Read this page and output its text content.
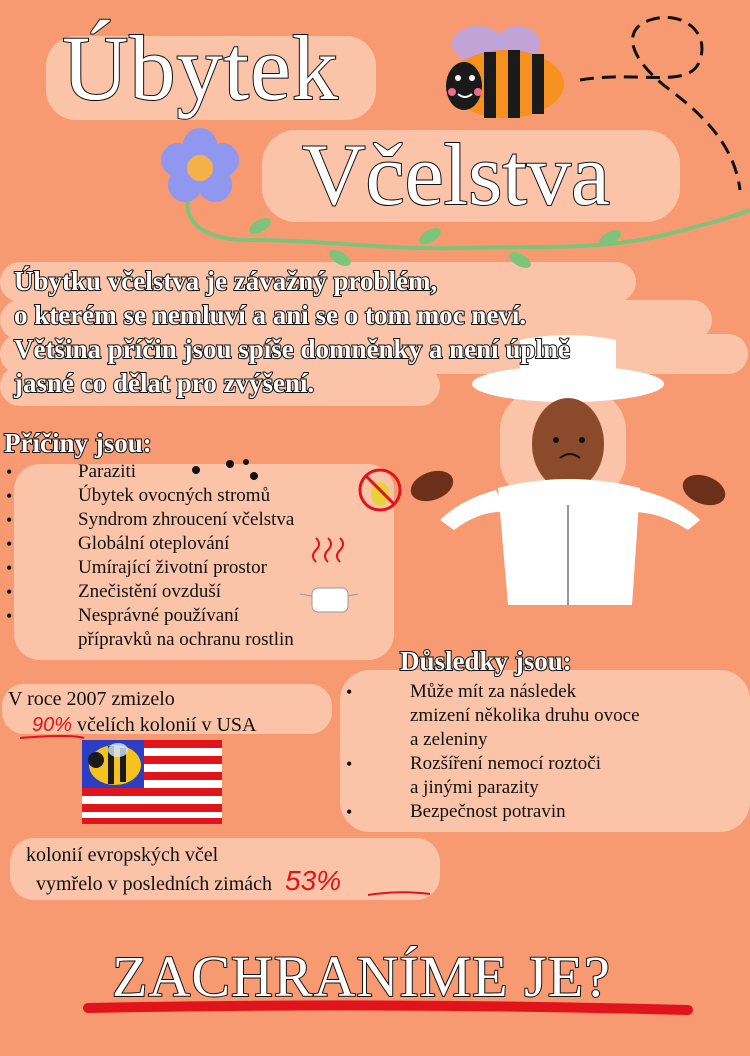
Úbytek
Včelstva
Úbytku včelstva je závažný problém,
o kterém se nemluví a ani se o tom moc neví.
Většina příčin jsou spíše domněnky a není úplně
jasné co dělat pro zvýšení.
Příčiny jsou:
•	Paraziti
•	Úbytek ovocných stromů
•	Syndrom zhroucení včelstva
•	Globální oteplování
•	Umírající životní prostor
•	Znečistění ovzduší
•	Nesprávné používaní
přípravků na ochranu rostlin
Důsledky jsou:
•	Může mít za následek
zmizení několika druhu ovoce
a zeleniny
•	Rozšíření nemocí roztoči
a jinými parazity
•	Bezpečnost potravin
V roce 2007 zmizelo
90% včelích kolonií v USA
kolonií evropských včel
vymřelo v posledních zimách 53%
ZACHRANÍME JE?
